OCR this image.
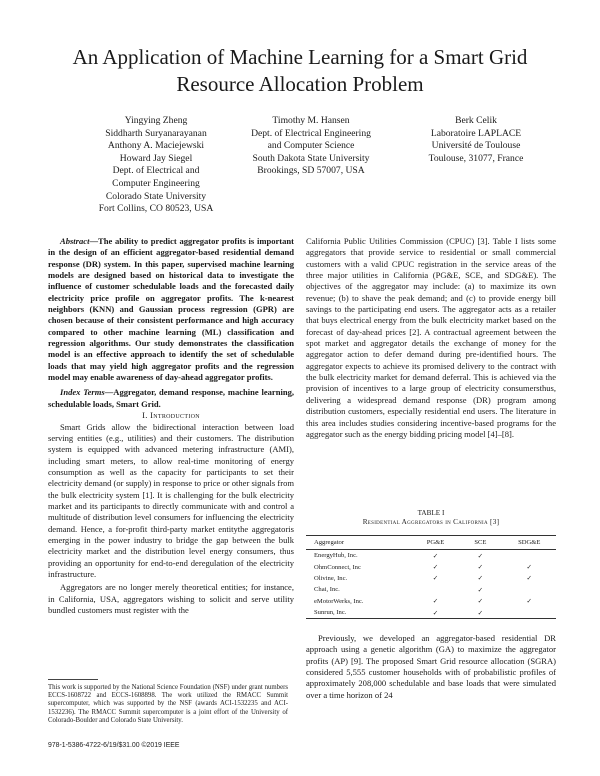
An Application of Machine Learning for a Smart Grid Resource Allocation Problem
Yingying Zheng
Siddharth Suryanarayanan
Anthony A. Maciejewski
Howard Jay Siegel
Dept. of Electrical and
Computer Engineering
Colorado State University
Fort Collins, CO 80523, USA
Timothy M. Hansen
Dept. of Electrical Engineering
and Computer Science
South Dakota State University
Brookings, SD 57007, USA
Berk Celik
Laboratoire LAPLACE
Université de Toulouse
Toulouse, 31077, France

Abstract—The ability to predict aggregator profits is important in the design of an efficient aggregator-based residential demand response (DR) system. In this paper, supervised machine learning models are designed based on historical data to investigate the influence of customer schedulable loads and the forecasted daily electricity price profile on aggregator profits. The k-nearest neighbors (KNN) and Gaussian process regression (GPR) are chosen because of their consistent performance and high accuracy compared to other machine learning (ML) classification and regression algorithms. Our study demonstrates the classification model is an effective approach to identify the set of schedulable loads that may yield high aggregator profits and the regression model may enable awareness of day-ahead aggregator profits.

Index Terms—Aggregator, demand response, machine learning, schedulable loads, Smart Grid.

I. Introduction

Smart Grids allow the bidirectional interaction between load serving entities (e.g., utilities) and their customers. The distribution system is equipped with advanced metering infrastructure (AMI), including smart meters, to allow real-time monitoring of energy consumption as well as the capacity for participants to set their electricity demand (or supply) in response to price or other signals from the bulk electricity system [1]. It is challenging for the bulk electricity market and its participants to directly communicate with and control a multitude of distribution level consumers for influencing the electricity demand. Hence, a for-profit third-party market entitythe aggregatoris emerging in the power industry to bridge the gap between the bulk electricity market and the distribution level energy consumers, thus providing an opportunity for end-to-end deregulation of the electricity infrastructure.

Aggregators are no longer merely theoretical entities; for instance, in California, USA, aggregators wishing to solicit and serve utility bundled customers must register with the

This work is supported by the National Science Foundation (NSF) under grant numbers ECCS-1608722 and ECCS-1608898. The work utilized the RMACC Summit supercomputer, which was supported by the NSF (awards ACI-1532235 and ACI-1532236). The RMACC Summit supercomputer is a joint effort of the University of Colorado-Boulder and Colorado State University.
978-1-5386-4722-6/19/$31.00 ©2019 IEEE

California Public Utilities Commission (CPUC) [3]. Table I lists some aggregators that provide service to residential or small commercial customers with a valid CPUC registration in the service areas of the three major utilities in California (PG&E, SCE, and SDG&E). The objectives of the aggregator may include: (a) to maximize its own revenue; (b) to shave the peak demand; and (c) to provide energy bill savings to the participating end users. The aggregator acts as a retailer that buys electrical energy from the bulk electricity market based on the forecast of day-ahead prices [2]. A contractual agreement between the spot market and aggregator details the exchange of money for the aggregator action to defer demand during pre-identified hours. The aggregator expects to achieve its promised delivery to the contract with the bulk electricity market for demand deferral. This is achieved via the provision of incentives to a large group of electricity consumersthus, delivering a widespread demand response (DR) program among distribution customers, especially residential end users. The literature in this area includes studies considering incentive-based programs for the aggregator such as the energy bidding pricing model [4]–[8].

TABLE I
Residential Aggregators in California [3]
Aggregator	PG&E	SCE	SDG&E
EnergyHub, Inc.	✓	✓	
OhmConnect, Inc	✓	✓	✓
Olivine, Inc.	✓	✓	✓
Chai, Inc.		✓	
eMotorWerks, Inc.	✓	✓	✓
Sunrun, Inc.	✓	✓	

Previously, we developed an aggregator-based residential DR approach using a genetic algorithm (GA) to maximize the aggregator profits (AP) [9]. The proposed Smart Grid resource allocation (SGRA) considered 5,555 customer households with of probabilistic profiles of approximately 208,000 schedulable and base loads that were simulated over a time horizon of 24
